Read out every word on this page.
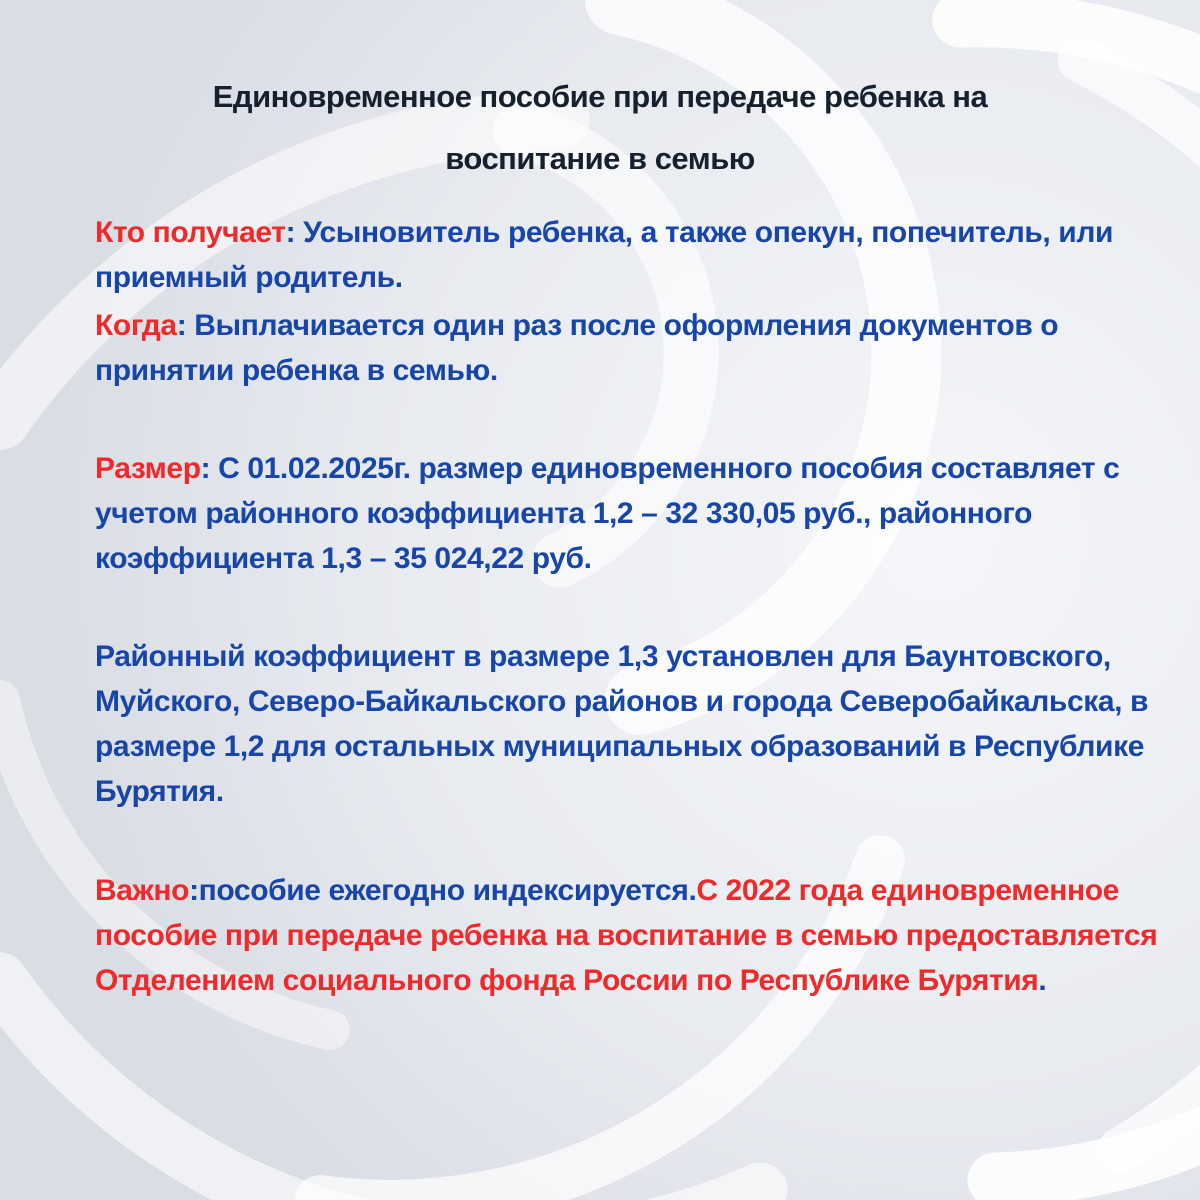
Единовременное пособие при передаче ребенка на
воспитание в семью

Кто получает: Усыновитель ребенка, а также опекун, попечитель, или приемный родитель.

Когда: Выплачивается один раз после оформления документов о принятии ребенка в семью.

Размер: С 01.02.2025г. размер единовременного пособия составляет с учетом районного коэффициента 1,2 – 32 330,05 руб., районного коэффициента 1,3 – 35 024,22 руб.

Районный коэффициент в размере 1,3 установлен для Баунтовского, Муйского, Северо-Байкальского районов и города Северобайкальска, в размере 1,2 для остальных муниципальных образований в Республике Бурятия.

Важно:пособие ежегодно индексируется.С 2022 года единовременное пособие при передаче ребенка на воспитание в семью предоставляется Отделением социального фонда России по Республике Бурятия.
